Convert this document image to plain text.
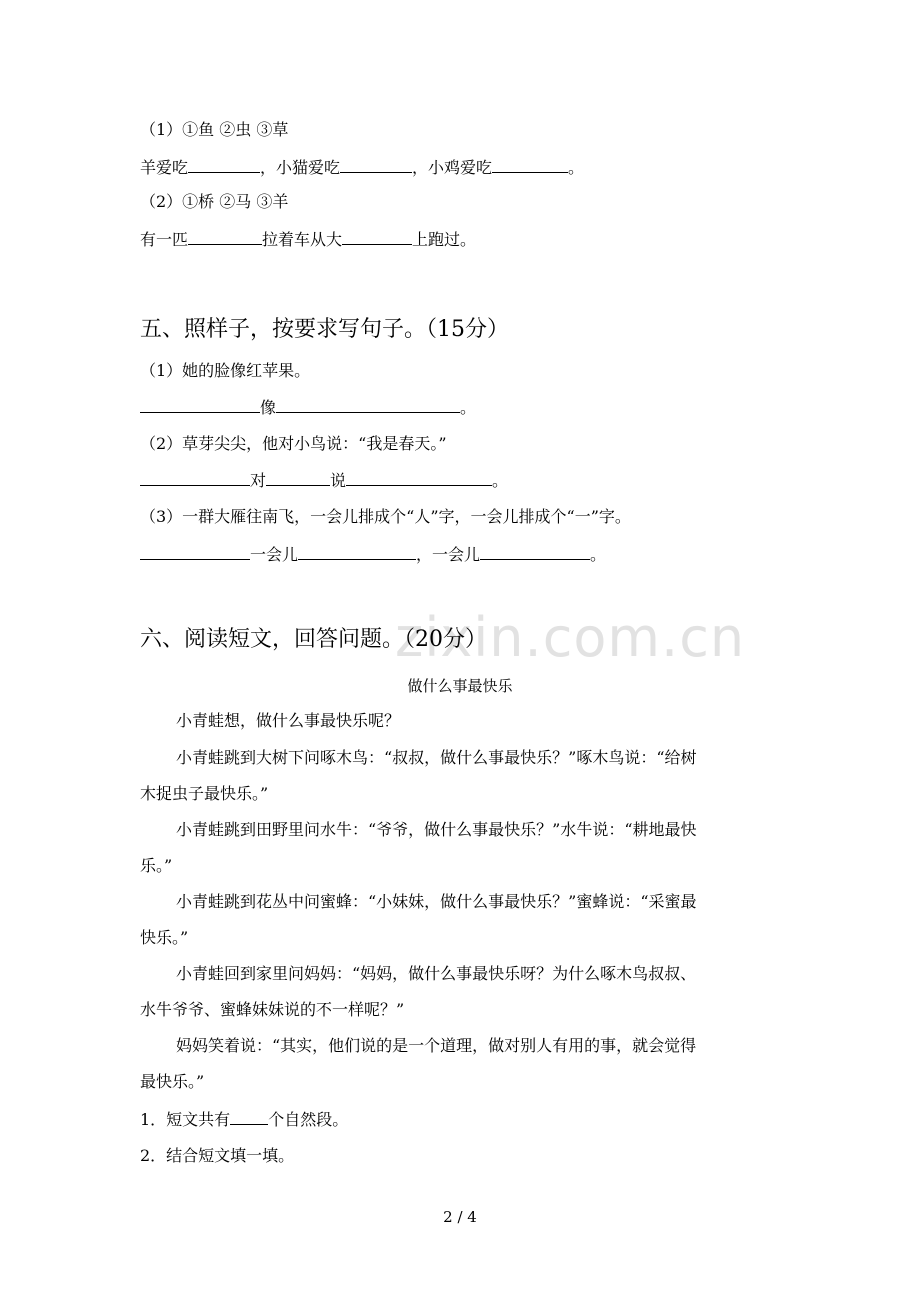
（1）①鱼 ②虫 ③草
羊爱吃	，小猫爱吃	，小鸡爱吃	。
（2）①桥 ②马 ③羊
有一匹	拉着车从大	上跑过。
五、照样子，按要求写句子。（15分）
（1）她的脸像红苹果。
像	。
（2）草芽尖尖，他对小鸟说：“我是春天。”
对	说	。
（3）一群大雁往南飞，一会儿排成个“人”字，一会儿排成个“一”字。
一会儿	，一会儿	。
zixin.com.cn
六、阅读短文，回答问题。（20分）
做什么事最快乐
小青蛙想，做什么事最快乐呢？
小青蛙跳到大树下问啄木鸟：“叔叔，做什么事最快乐？”啄木鸟说：“给树
木捉虫子最快乐。”
小青蛙跳到田野里问水牛：“爷爷，做什么事最快乐？”水牛说：“耕地最快
乐。”
小青蛙跳到花丛中问蜜蜂：“小妹妹，做什么事最快乐？”蜜蜂说：“采蜜最
快乐。”
小青蛙回到家里问妈妈：“妈妈，做什么事最快乐呀？为什么啄木鸟叔叔、
水牛爷爷、蜜蜂妹妹说的不一样呢？”
妈妈笑着说：“其实，他们说的是一个道理，做对别人有用的事，就会觉得
最快乐。”
1．短文共有 个自然段。
2．结合短文填一填。
2 / 4
